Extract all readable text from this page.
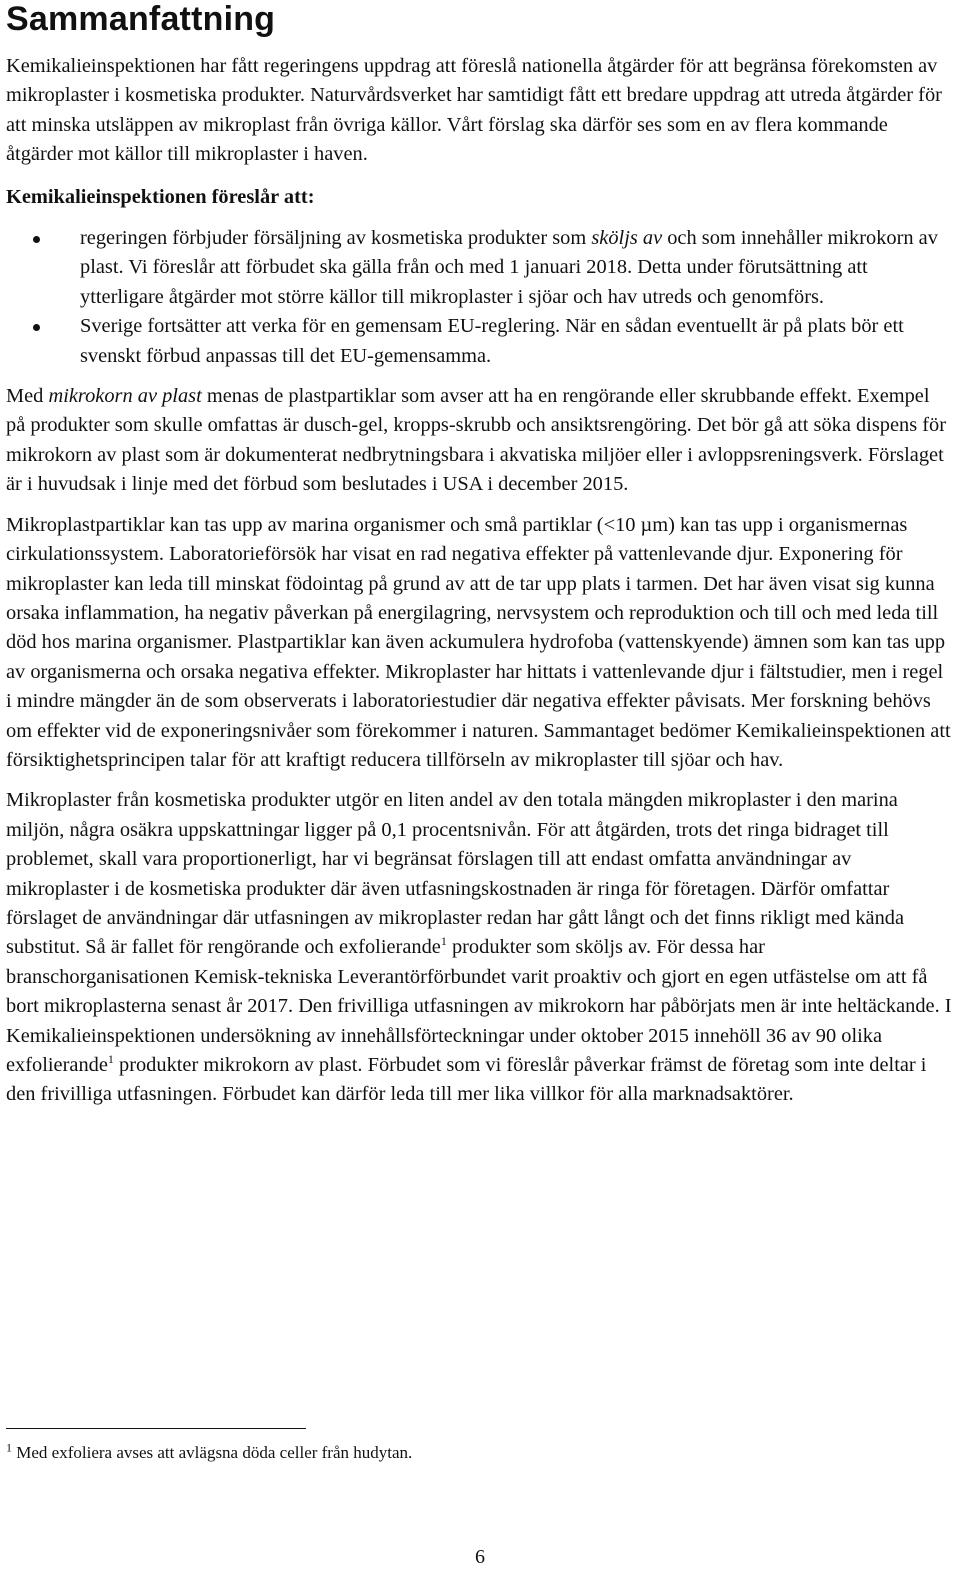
Sammanfattning

Kemikalieinspektionen har fått regeringens uppdrag att föreslå nationella åtgärder för att begränsa förekomsten av mikroplaster i kosmetiska produkter. Naturvårdsverket har samtidigt fått ett bredare uppdrag att utreda åtgärder för att minska utsläppen av mikroplast från övriga källor. Vårt förslag ska därför ses som en av flera kommande åtgärder mot källor till mikroplaster i haven.

Kemikalieinspektionen föreslår att:

regeringen förbjuder försäljning av kosmetiska produkter som sköljs av och som innehåller mikrokorn av plast. Vi föreslår att förbudet ska gälla från och med 1 januari 2018. Detta under förutsättning att ytterligare åtgärder mot större källor till mikroplaster i sjöar och hav utreds och genomförs.
Sverige fortsätter att verka för en gemensam EU-reglering. När en sådan eventuellt är på plats bör ett svenskt förbud anpassas till det EU-gemensamma.

Med mikrokorn av plast menas de plastpartiklar som avser att ha en rengörande eller skrubbande effekt. Exempel på produkter som skulle omfattas är dusch-gel, kropps-skrubb och ansiktsrengöring. Det bör gå att söka dispens för mikrokorn av plast som är dokumenterat nedbrytningsbara i akvatiska miljöer eller i avloppsreningsverk. Förslaget är i huvudsak i linje med det förbud som beslutades i USA i december 2015.

Mikroplastpartiklar kan tas upp av marina organismer och små partiklar (<10 µm) kan tas upp i organismernas cirkulationssystem. Laboratorieförsök har visat en rad negativa effekter på vattenlevande djur. Exponering för mikroplaster kan leda till minskat födointag på grund av att de tar upp plats i tarmen. Det har även visat sig kunna orsaka inflammation, ha negativ påverkan på energilagring, nervsystem och reproduktion och till och med leda till död hos marina organismer. Plastpartiklar kan även ackumulera hydrofoba (vattenskyende) ämnen som kan tas upp av organismerna och orsaka negativa effekter. Mikroplaster har hittats i vattenlevande djur i fältstudier, men i regel i mindre mängder än de som observerats i laboratoriestudier där negativa effekter påvisats. Mer forskning behövs om effekter vid de exponeringsnivåer som förekommer i naturen. Sammantaget bedömer Kemikalieinspektionen att försiktighetsprincipen talar för att kraftigt reducera tillförseln av mikroplaster till sjöar och hav.

Mikroplaster från kosmetiska produkter utgör en liten andel av den totala mängden mikroplaster i den marina miljön, några osäkra uppskattningar ligger på 0,1 procentsnivån. För att åtgärden, trots det ringa bidraget till problemet, skall vara proportionerligt, har vi begränsat förslagen till att endast omfatta användningar av mikroplaster i de kosmetiska produkter där även utfasningskostnaden är ringa för företagen. Därför omfattar förslaget de användningar där utfasningen av mikroplaster redan har gått långt och det finns rikligt med kända substitut. Så är fallet för rengörande och exfolierande$^1$ produkter som sköljs av. För dessa har branschorganisationen Kemisk-tekniska Leverantörförbundet varit proaktiv och gjort en egen utfästelse om att få bort mikroplasterna senast år 2017. Den frivilliga utfasningen av mikrokorn har påbörjats men är inte heltäckande. I Kemikalieinspektionen undersökning av innehållsförteckningar under oktober 2015 innehöll 36 av 90 olika exfolierande$^1$ produkter mikrokorn av plast. Förbudet som vi föreslår påverkar främst de företag som inte deltar i den frivilliga utfasningen. Förbudet kan därför leda till mer lika villkor för alla marknadsaktörer.

$^1$ Med exfoliera avses att avlägsna döda celler från hudytan.

6
